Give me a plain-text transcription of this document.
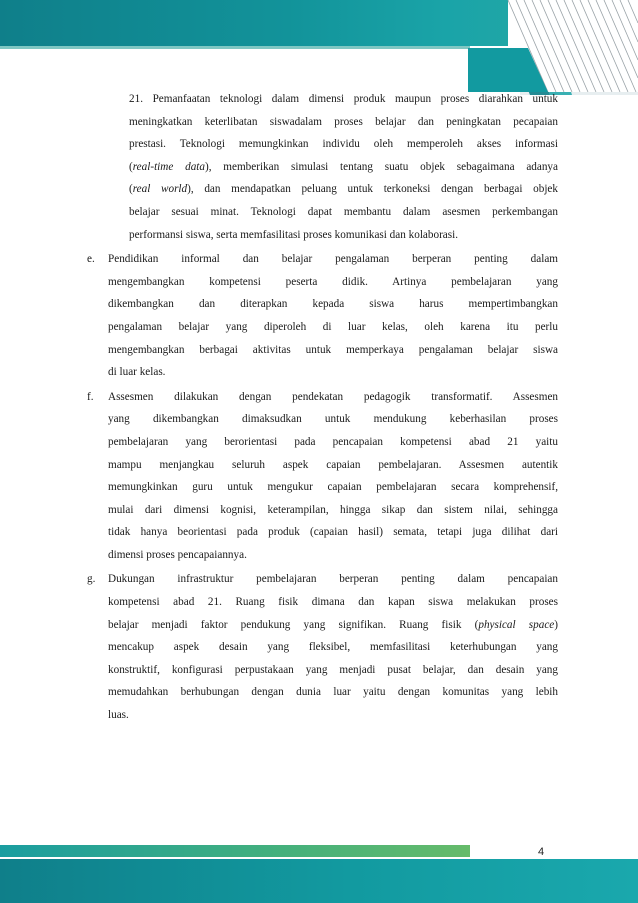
21. Pemanfaatan teknologi dalam dimensi produk maupun proses diarahkan untuk
meningkatkan keterlibatan siswadalam proses belajar dan peningkatan pecapaian
prestasi. Teknologi memungkinkan individu oleh memperoleh akses informasi
(real-time data), memberikan simulasi tentang suatu objek sebagaimana adanya
(real world), dan mendapatkan peluang untuk terkoneksi dengan berbagai objek
belajar sesuai minat. Teknologi dapat membantu dalam asesmen perkembangan
performansi siswa, serta memfasilitasi proses komunikasi dan kolaborasi.
e. Pendidikan informal dan belajar pengalaman berperan penting dalam
mengembangkan kompetensi peserta didik. Artinya pembelajaran yang
dikembangkan dan diterapkan kepada siswa harus mempertimbangkan
pengalaman belajar yang diperoleh di luar kelas, oleh karena itu perlu
mengembangkan berbagai aktivitas untuk memperkaya pengalaman belajar siswa
di luar kelas.
f. Assesmen dilakukan dengan pendekatan pedagogik transformatif. Assesmen
yang dikembangkan dimaksudkan untuk mendukung keberhasilan proses
pembelajaran yang berorientasi pada pencapaian kompetensi abad 21 yaitu
mampu menjangkau seluruh aspek capaian pembelajaran. Assesmen autentik
memungkinkan guru untuk mengukur capaian pembelajaran secara komprehensif,
mulai dari dimensi kognisi, keterampilan, hingga sikap dan sistem nilai, sehingga
tidak hanya beorientasi pada produk (capaian hasil) semata, tetapi juga dilihat dari
dimensi proses pencapaiannya.
g. Dukungan infrastruktur pembelajaran berperan penting dalam pencapaian
kompetensi abad 21. Ruang fisik dimana dan kapan siswa melakukan proses
belajar menjadi faktor pendukung yang signifikan. Ruang fisik (physical space)
mencakup aspek desain yang fleksibel, memfasilitasi keterhubungan yang
konstruktif, konfigurasi perpustakaan yang menjadi pusat belajar, dan desain yang
memudahkan berhubungan dengan dunia luar yaitu dengan komunitas yang lebih
luas.
4
